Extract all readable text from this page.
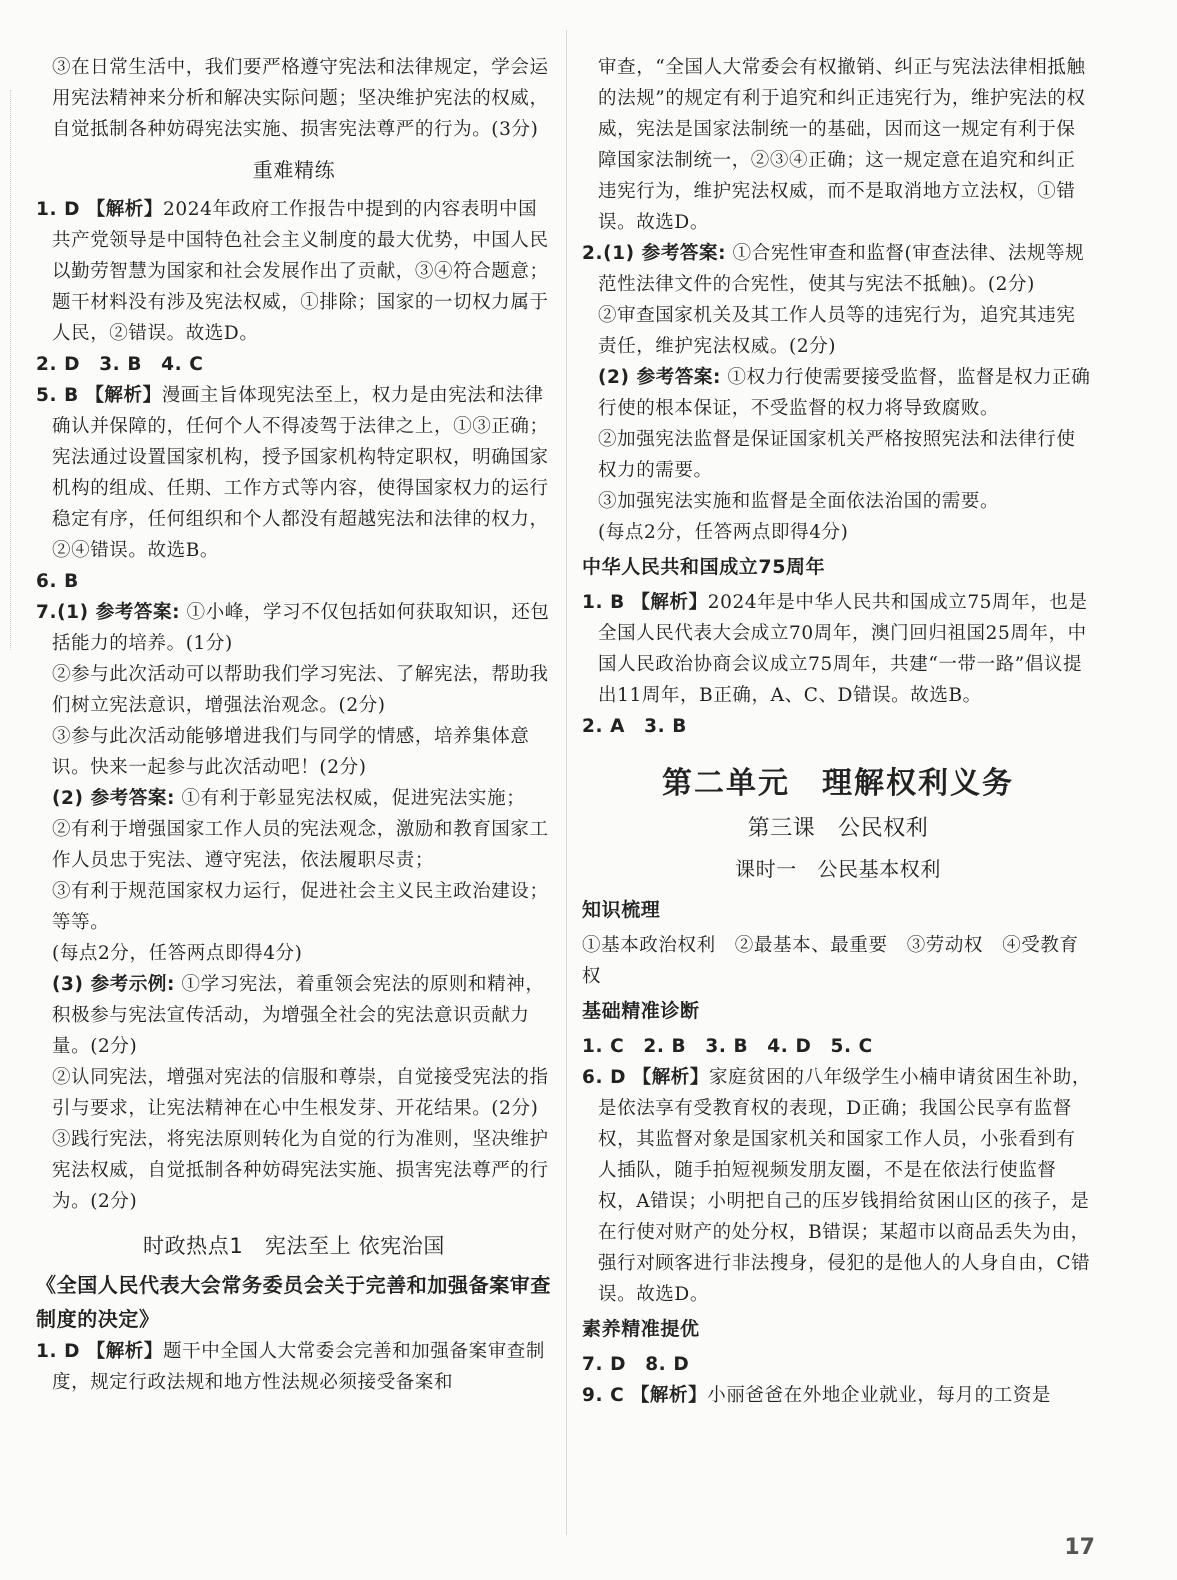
③在日常生活中，我们要严格遵守宪法和法律规定，学会运用宪法精神来分析和解决实际问题；坚决维护宪法的权威，自觉抵制各种妨碍宪法实施、损害宪法尊严的行为。(3分)

重难精练

1. D 【解析】2024年政府工作报告中提到的内容表明中国共产党领导是中国特色社会主义制度的最大优势，中国人民以勤劳智慧为国家和社会发展作出了贡献，③④符合题意；题干材料没有涉及宪法权威，①排除；国家的一切权力属于人民，②错误。故选D。

2. D　3. B　4. C

5. B 【解析】漫画主旨体现宪法至上，权力是由宪法和法律确认并保障的，任何个人不得凌驾于法律之上，①③正确；宪法通过设置国家机构，授予国家机构特定职权，明确国家机构的组成、任期、工作方式等内容，使得国家权力的运行稳定有序，任何组织和个人都没有超越宪法和法律的权力，②④错误。故选B。

6. B

7.(1) 参考答案: ①小峰，学习不仅包括如何获取知识，还包括能力的培养。(1分)

②参与此次活动可以帮助我们学习宪法、了解宪法，帮助我们树立宪法意识，增强法治观念。(2分)

③参与此次活动能够增进我们与同学的情感，培养集体意识。快来一起参与此次活动吧！(2分)

(2) 参考答案: ①有利于彰显宪法权威，促进宪法实施；

②有利于增强国家工作人员的宪法观念，激励和教育国家工作人员忠于宪法、遵守宪法，依法履职尽责；

③有利于规范国家权力运行，促进社会主义民主政治建设；等等。

(每点2分，任答两点即得4分)

(3) 参考示例: ①学习宪法，着重领会宪法的原则和精神，积极参与宪法宣传活动，为增强全社会的宪法意识贡献力量。(2分)

②认同宪法，增强对宪法的信服和尊崇，自觉接受宪法的指引与要求，让宪法精神在心中生根发芽、开花结果。(2分)

③践行宪法，将宪法原则转化为自觉的行为准则，坚决维护宪法权威，自觉抵制各种妨碍宪法实施、损害宪法尊严的行为。(2分)

时政热点1　宪法至上 依宪治国

《全国人民代表大会常务委员会关于完善和加强备案审查制度的决定》

1. D 【解析】题干中全国人大常委会完善和加强备案审查制度，规定行政法规和地方性法规必须接受备案和

审查，“全国人大常委会有权撤销、纠正与宪法法律相抵触的法规”的规定有利于追究和纠正违宪行为，维护宪法的权威，宪法是国家法制统一的基础，因而这一规定有利于保障国家法制统一，②③④正确；这一规定意在追究和纠正违宪行为，维护宪法权威，而不是取消地方立法权，①错误。故选D。

2.(1) 参考答案: ①合宪性审查和监督(审查法律、法规等规范性法律文件的合宪性，使其与宪法不抵触)。(2分)

②审查国家机关及其工作人员等的违宪行为，追究其违宪责任，维护宪法权威。(2分)

(2) 参考答案: ①权力行使需要接受监督，监督是权力正确行使的根本保证，不受监督的权力将导致腐败。

②加强宪法监督是保证国家机关严格按照宪法和法律行使权力的需要。

③加强宪法实施和监督是全面依法治国的需要。

(每点2分，任答两点即得4分)

中华人民共和国成立75周年

1. B 【解析】2024年是中华人民共和国成立75周年，也是全国人民代表大会成立70周年，澳门回归祖国25周年，中国人民政治协商会议成立75周年，共建“一带一路”倡议提出11周年，B正确，A、C、D错误。故选B。

2. A　3. B

第二单元　理解权利义务

第三课　公民权利

课时一　公民基本权利

知识梳理

①基本政治权利　②最基本、最重要　③劳动权　④受教育权

基础精准诊断

1. C　2. B　3. B　4. D　5. C

6. D 【解析】家庭贫困的八年级学生小楠申请贫困生补助，是依法享有受教育权的表现，D正确；我国公民享有监督权，其监督对象是国家机关和国家工作人员，小张看到有人插队，随手拍短视频发朋友圈，不是在依法行使监督权，A错误；小明把自己的压岁钱捐给贫困山区的孩子，是在行使对财产的处分权，B错误；某超市以商品丢失为由，强行对顾客进行非法搜身，侵犯的是他人的人身自由，C错误。故选D。

素养精准提优

7. D　8. D

9. C 【解析】小丽爸爸在外地企业就业，每月的工资是

17
